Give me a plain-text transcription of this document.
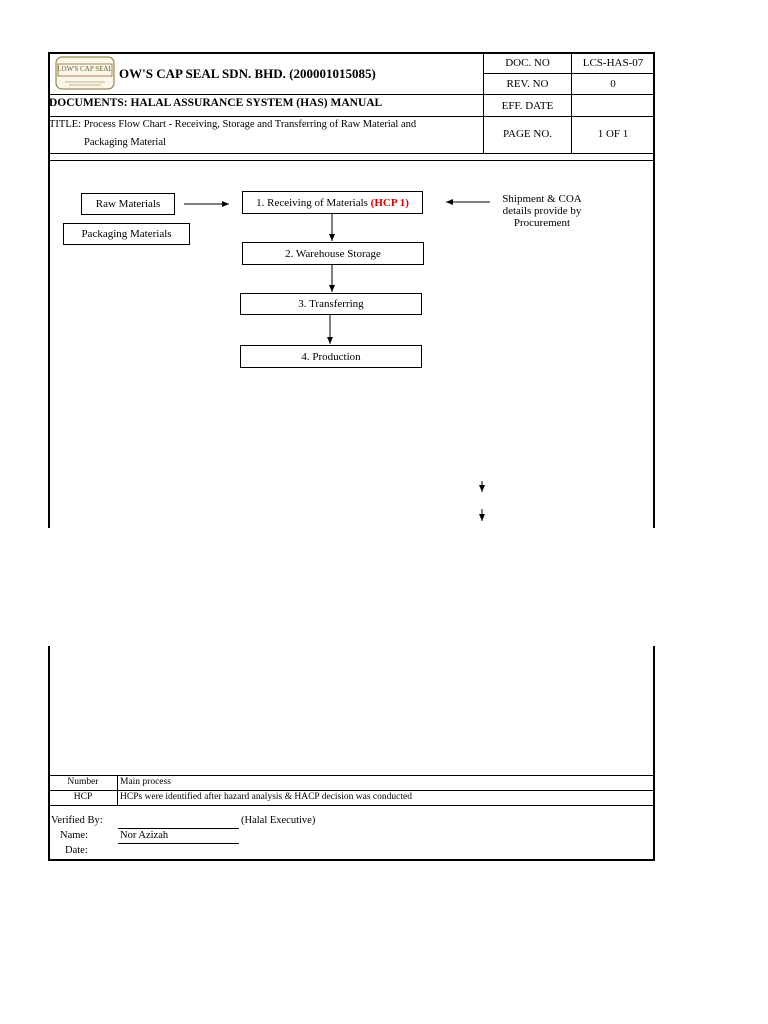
LOW'S CAP SEAL OW'S CAP SEAL SDN. BHD. (200001015085)
DOC. NO	LCS-HAS-07
REV. NO	0
EFF. DATE
PAGE NO.	1 OF 1
DOCUMENTS: HALAL ASSURANCE SYSTEM (HAS) MANUAL
TITLE: Process Flow Chart - Receiving, Storage and Transferring of Raw Material and
Packaging Material
Raw Materials
Packaging Materials
1. Receiving of Materials (HCP 1)
2. Warehouse Storage
3. Transferring
4. Production
Shipment & COA
details provide by
Procurement
Number	Main process
HCP	HCPs were identified after hazard analysis & HACP decision was conducted
Verified By:	(Halal Executive)
Name:	Nor Azizah
Date:
